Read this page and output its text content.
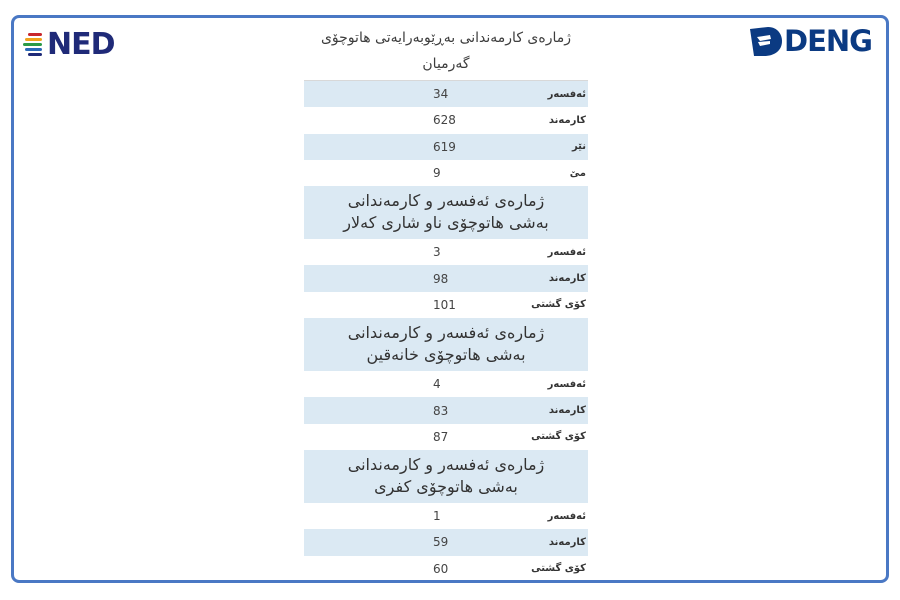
NED	DENG
ژمارەی کارمەندانی بەڕێوبەرایەتی هاتوچۆی گەرمیان
ئەفسەر
34
کارمەند
628
نێر
619
مێ
9
ژمارەی ئەفسەر و کارمەندانی بەشی هاتوچۆی ناو شاری کەلار
ئەفسەر
3
کارمەند
98
کۆی گشتی
101
ژمارەی ئەفسەر و کارمەندانی بەشی هاتوچۆی خانەقین
ئەفسەر
4
کارمەند
83
کۆی گشتی
87
ژمارەی ئەفسەر و کارمەندانی بەشی هاتوچۆی کفری
ئەفسەر
1
کارمەند
59
کۆی گشتی
60
